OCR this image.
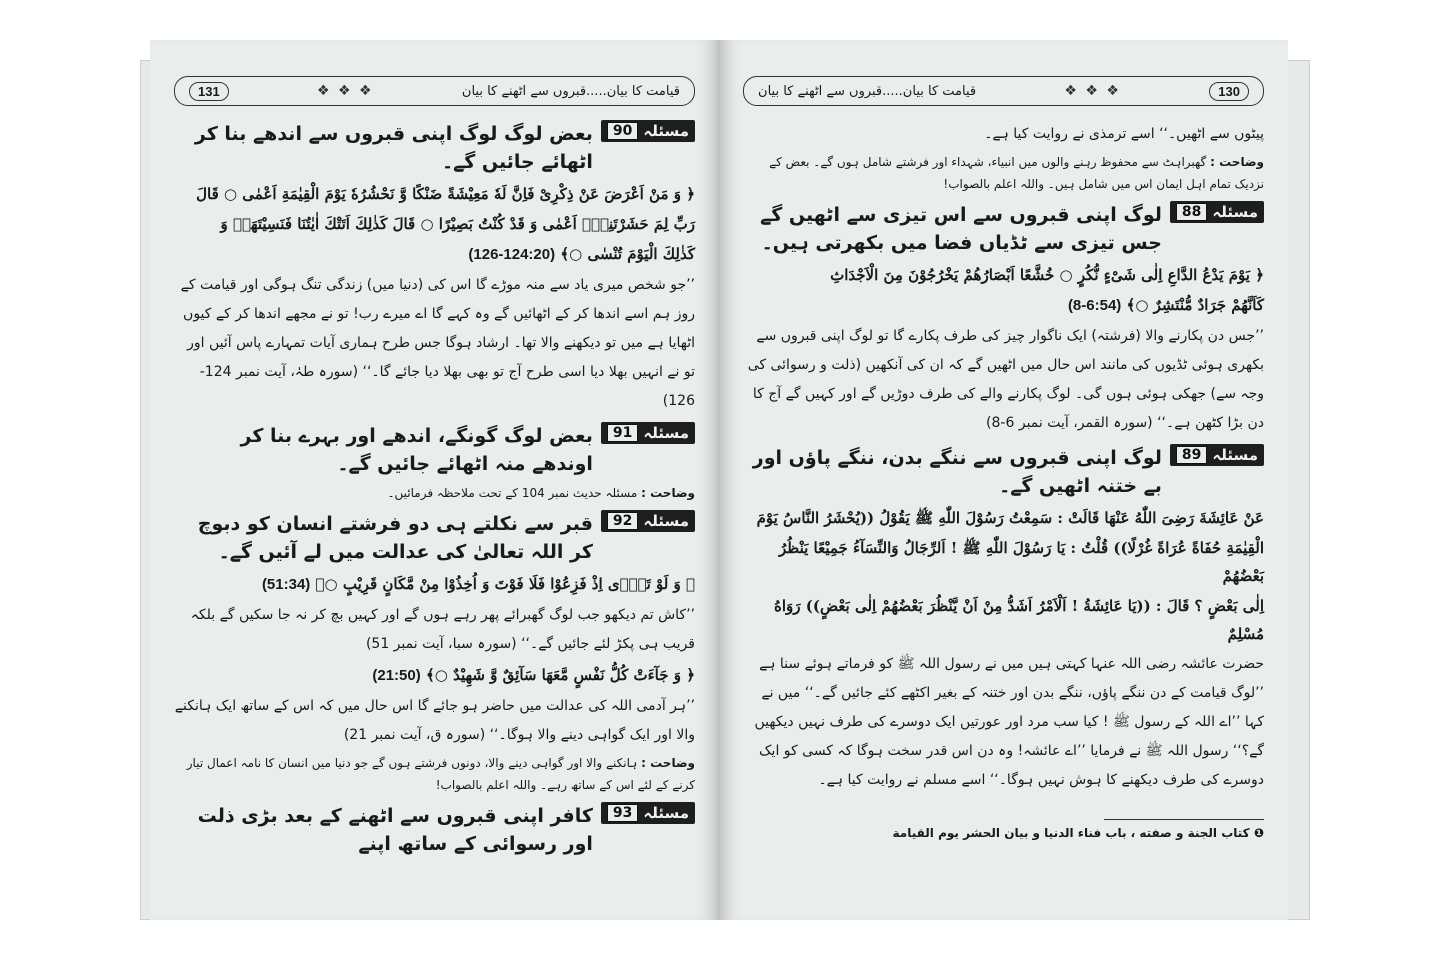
قیامت کا بیان.....قبروں سے اٹھنے کا بیان
❖ ❖ ❖
131
مسئلہ
90
بعض لوگ لوگ اپنی قبروں سے اندھے بنا کر اٹھائے جائیں گے۔
﴿ وَ مَنْ اَعْرَضَ عَنْ ذِكْرِیْ فَاِنَّ لَهٗ مَعِیْشَةً ضَنْكًا وَّ نَحْشُرُهٗ یَوْمَ الْقِیٰمَةِ اَعْمٰی ○ قَالَ
رَبِّ لِمَ حَشَرْتَنِیْۤ اَعْمٰی وَ قَدْ كُنْتُ بَصِیْرًا ○ قَالَ كَذٰلِكَ اَتَتْكَ اٰیٰتُنَا فَنَسِیْتَهَاۚ وَ
كَذٰلِكَ الْیَوْمَ تُنْسٰی ○﴾ (126-124:20)
’’جو شخص میری یاد سے منہ موڑے گا اس کی (دنیا میں) زندگی تنگ ہوگی اور قیامت کے روز ہم اسے اندھا کر کے اٹھائیں گے وہ کہے گا اے میرے رب! تو نے مجھے اندھا کر کے کیوں اٹھایا ہے میں تو دیکھنے والا تھا۔ ارشاد ہوگا جس طرح ہماری آیات تمہارے پاس آئیں اور تو نے انہیں بھلا دیا اسی طرح آج تو بھی بھلا دیا جائے گا۔‘‘ (سورہ طہٰ، آیت نمبر 124-126)
مسئلہ
91
بعض لوگ گونگے، اندھے اور بہرے بنا کر اوندھے منہ اٹھائے جائیں گے۔
وضاحت : مسئلہ حدیث نمبر 104 کے تحت ملاحظہ فرمائیں۔
مسئلہ
92
قبر سے نکلتے ہی دو فرشتے انسان کو دبوچ کر اللہ تعالیٰ کی عدالت میں لے آئیں گے۔
﴿ وَ لَوْ تَرٰۤی اِذْ فَزِعُوْا فَلَا فَوْتَ وَ اُخِذُوْا مِنْ مَّكَانٍ قَرِیْبٍ ○﴾ (51:34)
’’کاش تم دیکھو جب لوگ گھبرائے پھر رہے ہوں گے اور کہیں بچ کر نہ جا سکیں گے بلکہ قریب ہی پکڑ لئے جائیں گے۔‘‘ (سورہ سبا، آیت نمبر 51)
﴿ وَ جَآءَتْ كُلُّ نَفْسٍ مَّعَهَا سَآئِقٌ وَّ شَهِیْدٌ ○﴾ (21:50)
’’ہر آدمی اللہ کی عدالت میں حاضر ہو جائے گا اس حال میں کہ اس کے ساتھ ایک ہانکنے والا اور ایک گواہی دینے والا ہوگا۔‘‘ (سورہ ق، آیت نمبر 21)
وضاحت : ہانکنے والا اور گواہی دینے والا، دونوں فرشتے ہوں گے جو دنیا میں انسان کا نامہ اعمال تیار کرنے کے لئے اس کے ساتھ رہے۔ واللہ اعلم بالصواب!
مسئلہ
93
کافر اپنی قبروں سے اٹھنے کے بعد بڑی ذلت اور رسوائی کے ساتھ اپنے
130
❖ ❖ ❖
قیامت کا بیان.....قبروں سے اٹھنے کا بیان
پیٹوں سے اٹھیں۔‘‘ اسے ترمذی نے روایت کیا ہے۔
وضاحت : گھبراہٹ سے محفوظ رہنے والوں میں انبیاء، شہداء اور فرشتے شامل ہوں گے۔ بعض کے نزدیک تمام اہل ایمان اس میں شامل ہیں۔ واللہ اعلم بالصواب!
مسئلہ
88
لوگ اپنی قبروں سے اس تیزی سے اٹھیں گے جس تیزی سے ٹڈیاں فضا میں بکھرتی ہیں۔
﴿ یَوْمَ یَدْعُ الدَّاعِ اِلٰی شَیْءٍ نُّكُرٍ ○ خُشَّعًا اَبْصَارُهُمْ یَخْرُجُوْنَ مِنَ الْاَجْدَاثِ
كَاَنَّهُمْ جَرَادٌ مُّنْتَشِرٌ ○﴾ (8-6:54)
’’جس دن پکارنے والا (فرشتہ) ایک ناگوار چیز کی طرف پکارے گا تو لوگ اپنی قبروں سے بکھری ہوئی ٹڈیوں کی مانند اس حال میں اٹھیں گے کہ ان کی آنکھیں (ذلت و رسوائی کی وجہ سے) جھکی ہوئی ہوں گی۔ لوگ پکارنے والے کی طرف دوڑیں گے اور کہیں گے آج کا دن بڑا کٹھن ہے۔‘‘ (سورہ القمر، آیت نمبر 6-8)
مسئلہ
89
لوگ اپنی قبروں سے ننگے بدن، ننگے پاؤں اور بے ختنہ اٹھیں گے۔
عَنْ عَائِشَةَ رَضِیَ اللّٰهُ عَنْهَا قَالَتْ : سَمِعْتُ رَسُوْلَ اللّٰهِ ﷺ یَقُوْلُ ((یُحْشَرُ النَّاسُ یَوْمَ
الْقِیٰمَةِ حُفَاةً عُرَاةً غُرْلًا)) قُلْتُ : یَا رَسُوْلَ اللّٰهِ ﷺ ! اَلرِّجَالُ وَالنِّسَآءُ جَمِیْعًا یَنْظُرُ بَعْضُهُمْ
اِلٰی بَعْضٍ ؟ قَالَ : ((یَا عَائِشَةُ ! اَلْاَمْرُ اَشَدُّ مِنْ اَنْ یَّنْظُرَ بَعْضُهُمْ اِلٰی بَعْضٍ)) رَوَاهُ مُسْلِمٌ
حضرت عائشہ رضی اللہ عنہا کہتی ہیں میں نے رسول اللہ ﷺ کو فرماتے ہوئے سنا ہے ’’لوگ قیامت کے دن ننگے پاؤں، ننگے بدن اور ختنہ کے بغیر اکٹھے کئے جائیں گے۔‘‘ میں نے کہا ’’اے اللہ کے رسول ﷺ ! کیا سب مرد اور عورتیں ایک دوسرے کی طرف نہیں دیکھیں گے؟‘‘ رسول اللہ ﷺ نے فرمایا ’’اے عائشہ! وہ دن اس قدر سخت ہوگا کہ کسی کو ایک دوسرے کی طرف دیکھنے کا ہوش نہیں ہوگا۔‘‘ اسے مسلم نے روایت کیا ہے۔
❶ كتاب الجنة و صفته ، باب فناء الدنيا و بيان الحشر يوم القيامة
